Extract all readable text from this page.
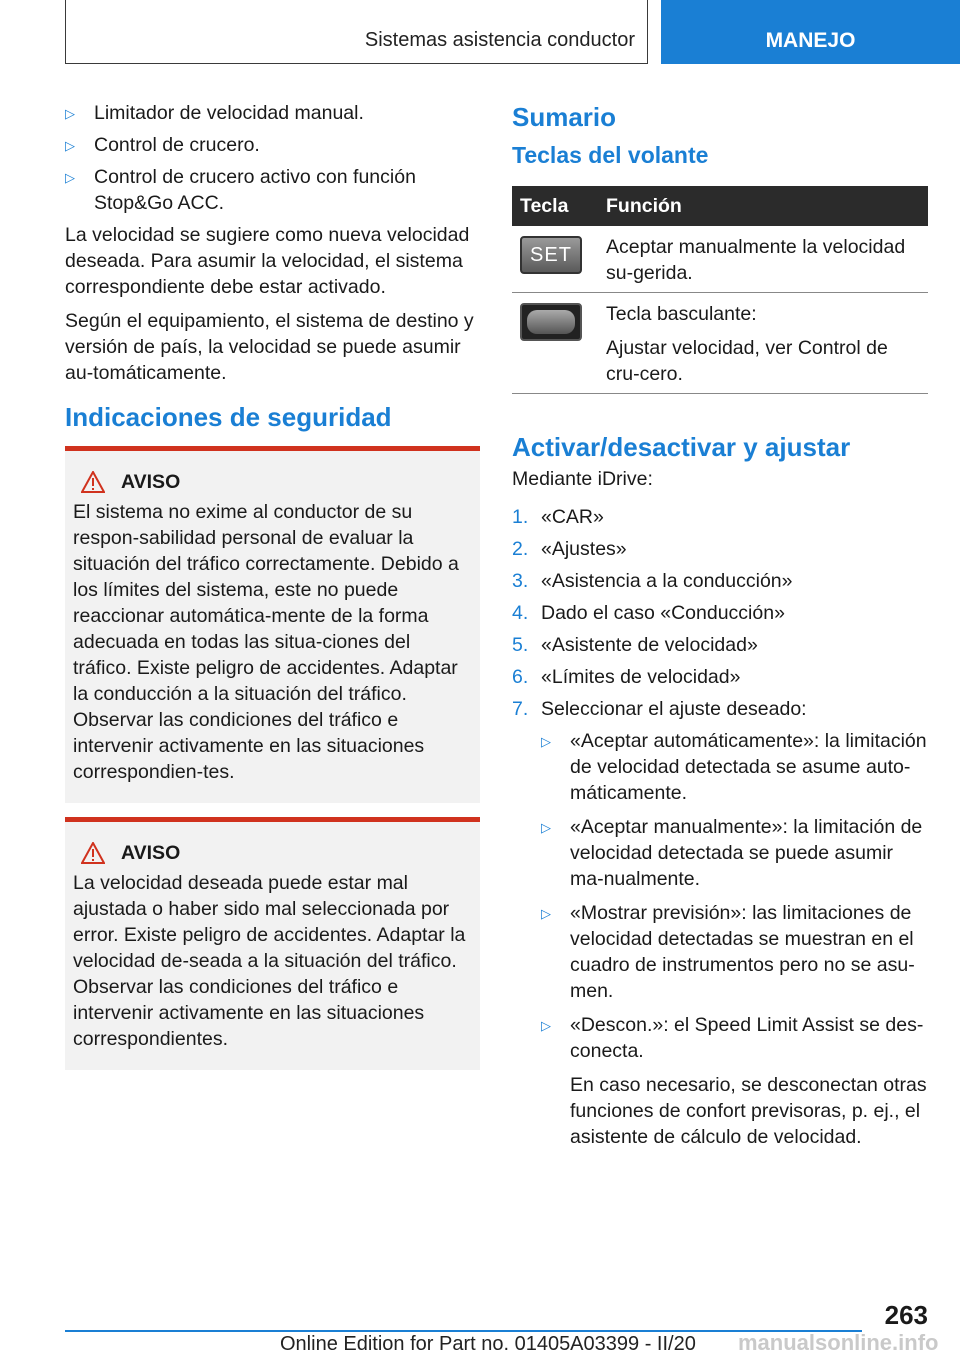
Sistemas asistencia conductor	MANEJO
▷ Limitador de velocidad manual.
▷ Control de crucero.
▷ Control de crucero activo con función Stop&Go ACC.

La velocidad se sugiere como nueva velocidad deseada. Para asumir la velocidad, el sistema correspondiente debe estar activado.

Según el equipamiento, el sistema de destino y versión de país, la velocidad se puede asumir au‐tomáticamente.

Indicaciones de seguridad
AVISO
El sistema no exime al conductor de su respon‐sabilidad personal de evaluar la situación del tráfico correctamente. Debido a los límites del sistema, este no puede reaccionar automática‐mente de la forma adecuada en todas las situa‐ciones del tráfico. Existe peligro de accidentes. Adaptar la conducción a la situación del tráfico. Observar las condiciones del tráfico e intervenir activamente en las situaciones correspondien‐tes.
AVISO
La velocidad deseada puede estar mal ajustada o haber sido mal seleccionada por error. Existe peligro de accidentes. Adaptar la velocidad de‐seada a la situación del tráfico. Observar las condiciones del tráfico e intervenir activamente en las situaciones correspondientes.
Sumario
Teclas del volante
Tecla	Función

SET	Aceptar manualmente la velocidad su‐gerida.

	Tecla basculante:
Ajustar velocidad, ver Control de cru‐cero.
Activar/desactivar y ajustar

Mediante iDrive:

1. «CAR»
2. «Ajustes»
3. «Asistencia a la conducción»
4. Dado el caso «Conducción»
5. «Asistente de velocidad»
6. «Límites de velocidad»
7. Seleccionar el ajuste deseado:
▷ «Aceptar automáticamente»: la limitación de velocidad detectada se asume auto‐máticamente.
▷ «Aceptar manualmente»: la limitación de velocidad detectada se puede asumir ma‐nualmente.
▷ «Mostrar previsión»: las limitaciones de velocidad detectadas se muestran en el cuadro de instrumentos pero no se asu‐men.
▷ «Descon.»: el Speed Limit Assist se des‐conecta.

En caso necesario, se desconectan otras funciones de confort previsoras, p. ej., el asistente de cálculo de velocidad.

263
Online Edition for Part no. 01405A03399 - II/20 manualsonline.info
